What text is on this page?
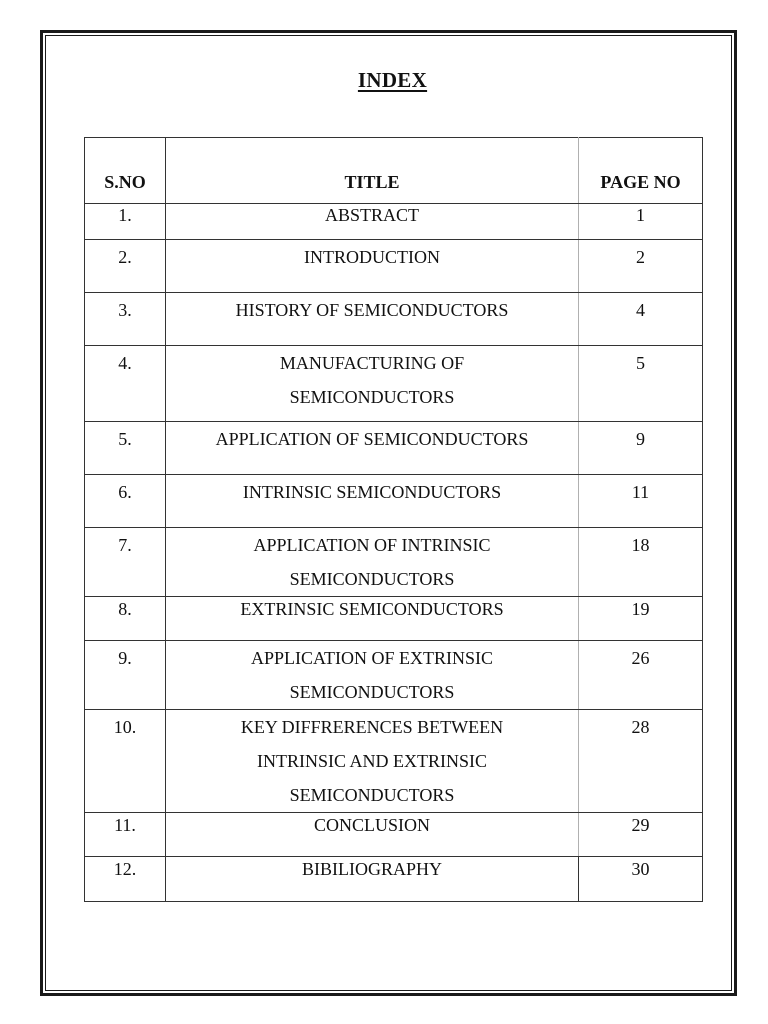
INDEX
S.NO	TITLE	PAGE NO
1.	ABSTRACT	1
2.	INTRODUCTION	2
3.	HISTORY OF SEMICONDUCTORS	4
4.	MANUFACTURING OF SEMICONDUCTORS	5
5.	APPLICATION OF SEMICONDUCTORS	9
6.	INTRINSIC SEMICONDUCTORS	11
7.	APPLICATION OF INTRINSIC SEMICONDUCTORS	18
8.	EXTRINSIC SEMICONDUCTORS	19
9.	APPLICATION OF EXTRINSIC SEMICONDUCTORS	26
10.	KEY DIFFRERENCES BETWEEN INTRINSIC AND EXTRINSIC SEMICONDUCTORS	28
11.	CONCLUSION	29
12.	BIBILIOGRAPHY	30
